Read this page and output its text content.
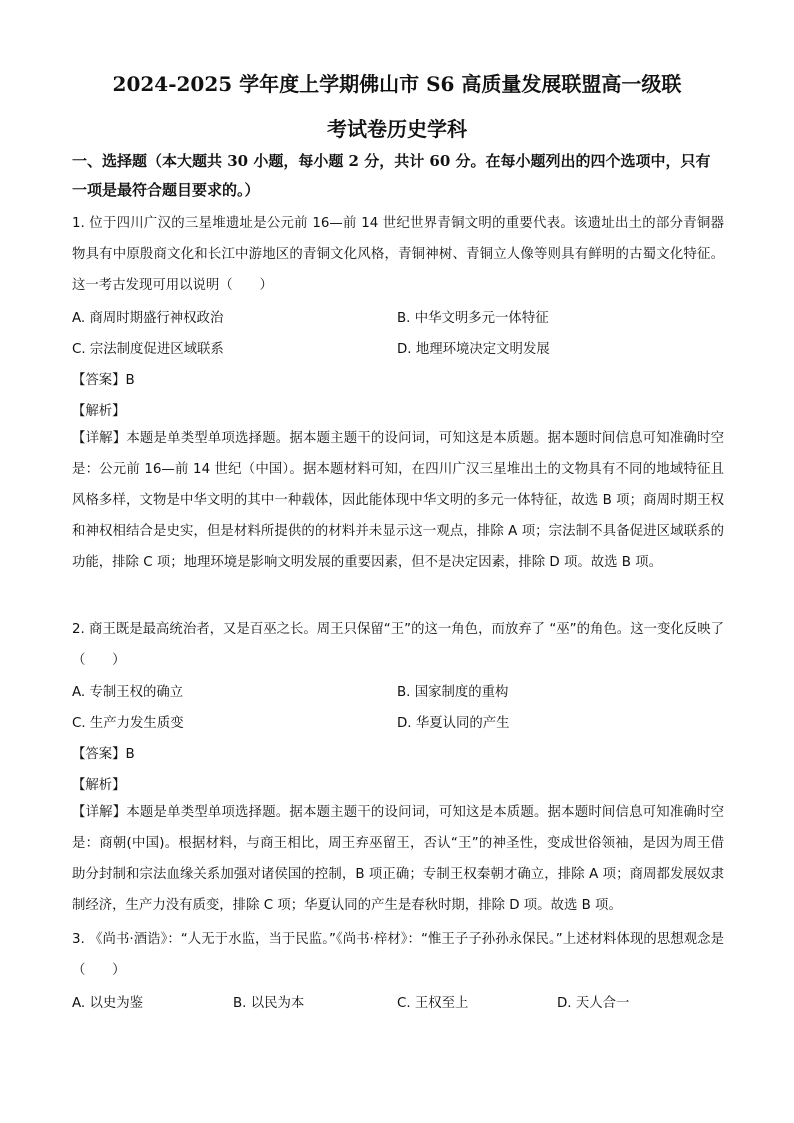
2024-2025 学年度上学期佛山市 S6 高质量发展联盟高一级联
考试卷历史学科
一、选择题（本大题共 30 小题，每小题 2 分，共计 60 分。在每小题列出的四个选项中，只有一项是最符合题目要求的。）
1. 位于四川广汉的三星堆遗址是公元前 16—前 14 世纪世界青铜文明的重要代表。该遗址出土的部分青铜器物具有中原殷商文化和长江中游地区的青铜文化风格，青铜神树、青铜立人像等则具有鲜明的古蜀文化特征。这一考古发现可用以说明（　　）
A. 商周时期盛行神权政治	B. 中华文明多元一体特征
C. 宗法制度促进区域联系	D. 地理环境决定文明发展
【答案】B
【解析】
【详解】本题是单类型单项选择题。据本题主题干的设问词，可知这是本质题。据本题时间信息可知准确时空是：公元前 16—前 14 世纪（中国）。据本题材料可知，在四川广汉三星堆出土的文物具有不同的地域特征且风格多样，文物是中华文明的其中一种载体，因此能体现中华文明的多元一体特征，故选 B 项；商周时期王权和神权相结合是史实，但是材料所提供的的材料并未显示这一观点，排除 A 项；宗法制不具备促进区域联系的功能，排除 C 项；地理环境是影响文明发展的重要因素，但不是决定因素，排除 D 项。故选 B 项。
2. 商王既是最高统治者，又是百巫之长。周王只保留“王”的这一角色，而放弃了 “巫”的角色。这一变化反映了（　　）
A. 专制王权的确立	B. 国家制度的重构
C. 生产力发生质变	D. 华夏认同的产生
【答案】B
【解析】
【详解】本题是单类型单项选择题。据本题主题干的设问词，可知这是本质题。据本题时间信息可知准确时空是：商朝(中国)。根据材料，与商王相比，周王弃巫留王，否认“王”的神圣性，变成世俗领袖，是因为周王借助分封制和宗法血缘关系加强对诸侯国的控制，B 项正确；专制王权秦朝才确立，排除 A 项；商周都发展奴隶制经济，生产力没有质变，排除 C 项；华夏认同的产生是春秋时期，排除 D 项。故选 B 项。
3. 《尚书·酒诰》：“人无于水监，当于民监。”《尚书·梓材》：“惟王子子孙孙永保民。”上述材料体现的思想观念是（　　）
A. 以史为鉴	B. 以民为本	C. 王权至上	D. 天人合一
